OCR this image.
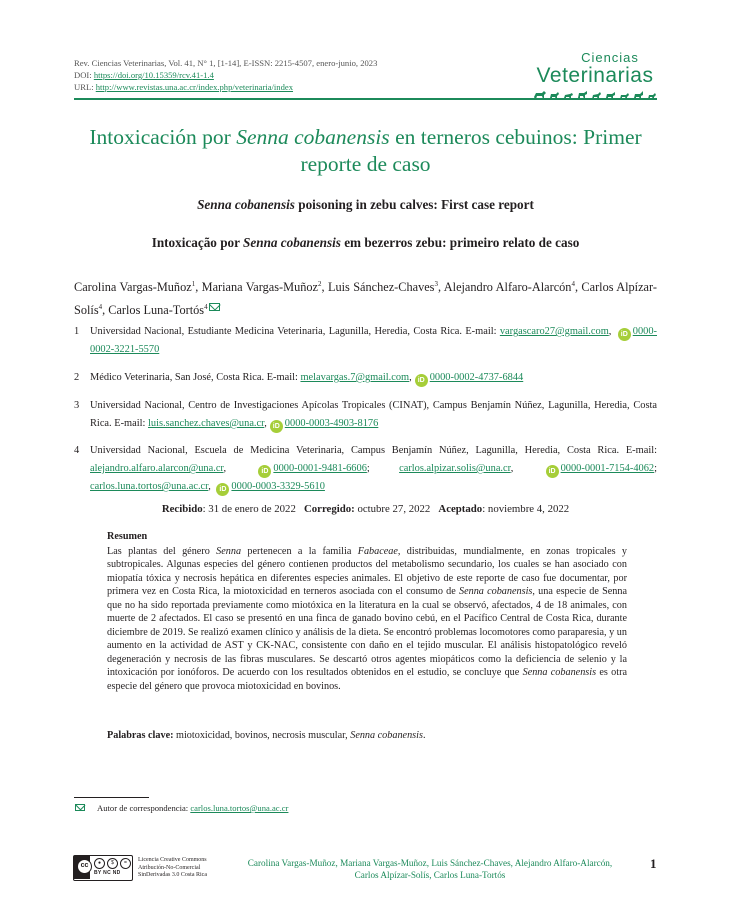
Rev. Ciencias Veterinarias, Vol. 41, N° 1, [1-14], E-ISSN: 2215-4507, enero-junio, 2023
DOI: https://doi.org/10.15359/rcv.41-1.4
URL: http://www.revistas.una.ac.cr/index.php/veterinaria/index
Ciencias
Veterinarias
Intoxicación por Senna cobanensis en terneros cebuinos: Primer reporte de caso
Senna cobanensis poisoning in zebu calves: First case report
Intoxicação por Senna cobanensis em bezerros zebu: primeiro relato de caso
Carolina Vargas-Muñoz$^1$, Mariana Vargas-Muñoz$^2$, Luis Sánchez-Chaves$^3$, Alejandro Alfaro-Alarcón$^4$, Carlos Alpízar-Solís$^4$, Carlos Luna-Tortós$^4$
1 Universidad Nacional, Estudiante Medicina Veterinaria, Lagunilla, Heredia, Costa Rica. E-mail: vargascaro27@gmail.com, iD 0000-0002-3221-5570
2 Médico Veterinaria, San José, Costa Rica. E-mail: melavargas.7@gmail.com, iD 0000-0002-4737-6844
3 Universidad Nacional, Centro de Investigaciones Apícolas Tropicales (CINAT), Campus Benjamín Núñez, Lagunilla, Heredia, Costa Rica. E-mail: luis.sanchez.chaves@una.cr, iD 0000-0003-4903-8176
4 Universidad Nacional, Escuela de Medicina Veterinaria, Campus Benjamín Núñez, Lagunilla, Heredia, Costa Rica. E-mail: alejandro.alfaro.alarcon@una.cr, iD 0000-0001-9481-6606; carlos.alpizar.solis@una.cr, iD 0000-0001-7154-4062; carlos.luna.tortos@una.ac.cr, iD 0000-0003-3329-5610
Recibido: 31 de enero de 2022 Corregido: octubre 27, 2022 Aceptado: noviembre 4, 2022
Resumen
Las plantas del género Senna pertenecen a la familia Fabaceae, distribuidas, mundialmente, en zonas tropicales y subtropicales. Algunas especies del género contienen productos del metabolismo secundario, los cuales se han asociado con miopatía tóxica y necrosis hepática en diferentes especies animales. El objetivo de este reporte de caso fue documentar, por primera vez en Costa Rica, la miotoxicidad en terneros asociada con el consumo de Senna cobanensis, una especie de Senna que no ha sido reportada previamente como miotóxica en la literatura en la cual se observó, afectados, 4 de 18 animales, con muerte de 2 afectados. El caso se presentó en una finca de ganado bovino cebú, en el Pacífico Central de Costa Rica, durante diciembre de 2019. Se realizó examen clínico y análisis de la dieta. Se encontró problemas locomotores como paraparesia, y un aumento en la actividad de AST y CK-NAC, consistente con daño en el tejido muscular. El análisis histopatológico reveló degeneración y necrosis de las fibras musculares. Se descartó otros agentes miopáticos como la deficiencia de selenio y la intoxicación por ionóforos. De acuerdo con los resultados obtenidos en el estudio, se concluye que Senna cobanensis es otra especie del género que provoca miotoxicidad en bovinos.
Palabras clave: miotoxicidad, bovinos, necrosis muscular, Senna cobanensis.
Autor de correspondencia: carlos.luna.tortos@una.ac.cr
cc	●	$	=
BY NC ND
Licencia Creative Commons
Atribución-No-Comercial
SinDerivadas 3.0 Costa Rica
Carolina Vargas-Muñoz, Mariana Vargas-Muñoz, Luis Sánchez-Chaves, Alejandro Alfaro-Alarcón,
Carlos Alpízar-Solís, Carlos Luna-Tortós
1
